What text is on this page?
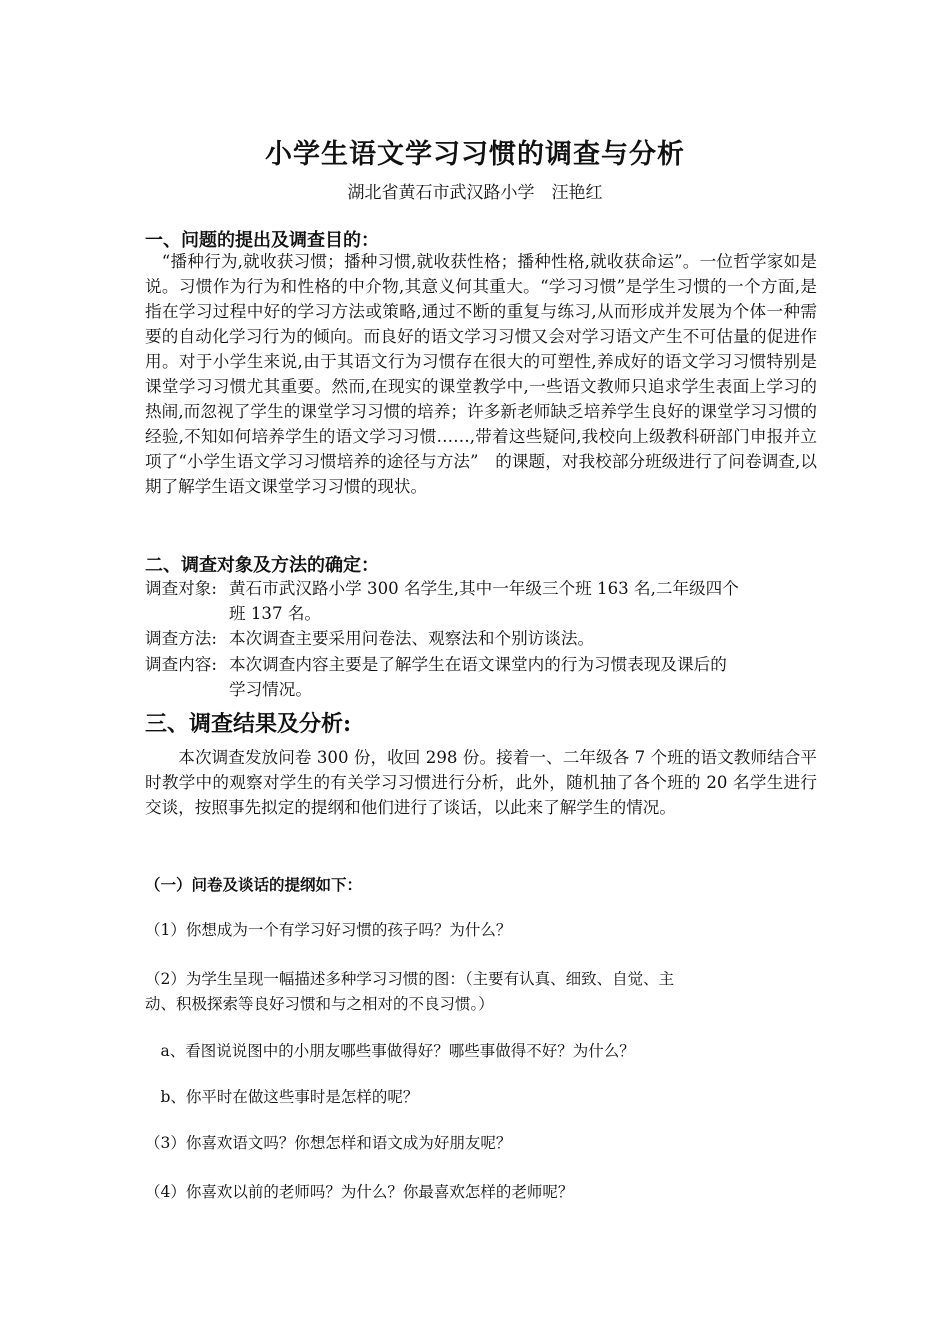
小学生语文学习习惯的调查与分析
湖北省黄石市武汉路小学　汪艳红
一、问题的提出及调查目的：
　“播种行为,就收获习惯；播种习惯,就收获性格；播种性格,就收获命运”。一位哲学家如是说。习惯作为行为和性格的中介物,其意义何其重大。“学习习惯”是学生习惯的一个方面,是指在学习过程中好的学习方法或策略,通过不断的重复与练习,从而形成并发展为个体一种需要的自动化学习行为的倾向。而良好的语文学习习惯又会对学习语文产生不可估量的促进作用。对于小学生来说,由于其语文行为习惯存在很大的可塑性,养成好的语文学习习惯特别是课堂学习习惯尤其重要。然而,在现实的课堂教学中,一些语文教师只追求学生表面上学习的热闹,而忽视了学生的课堂学习习惯的培养；许多新老师缺乏培养学生良好的课堂学习习惯的经验,不知如何培养学生的语文学习习惯……,带着这些疑问,我校向上级教科研部门申报并立项了“小学生语文学习习惯培养的途径与方法”　的课题，对我校部分班级进行了问卷调查,以期了解学生语文课堂学习习惯的现状。
二、调查对象及方法的确定：
调查对象: 黄石市武汉路小学 300 名学生,其中一年级三个班 163 名,二年级四个
班 137 名。
调查方法: 本次调查主要采用问卷法、观察法和个别访谈法。
调查内容: 本次调查内容主要是了解学生在语文课堂内的行为习惯表现及课后的
学习情况。
三、调查结果及分析:
　　本次调查发放问卷 300 份，收回 298 份。接着一、二年级各 7 个班的语文教师结合平时教学中的观察对学生的有关学习习惯进行分析，此外，随机抽了各个班的 20 名学生进行交谈，按照事先拟定的提纲和他们进行了谈话，以此来了解学生的情况。
（一）问卷及谈话的提纲如下：
（1）你想成为一个有学习好习惯的孩子吗？为什么？
（2）为学生呈现一幅描述多种学习习惯的图：（主要有认真、细致、自觉、主
动、积极探索等良好习惯和与之相对的不良习惯。）
　a、看图说说图中的小朋友哪些事做得好？哪些事做得不好？为什么？
　b、你平时在做这些事时是怎样的呢？
（3）你喜欢语文吗？你想怎样和语文成为好朋友呢？
（4）你喜欢以前的老师吗？为什么？你最喜欢怎样的老师呢？
